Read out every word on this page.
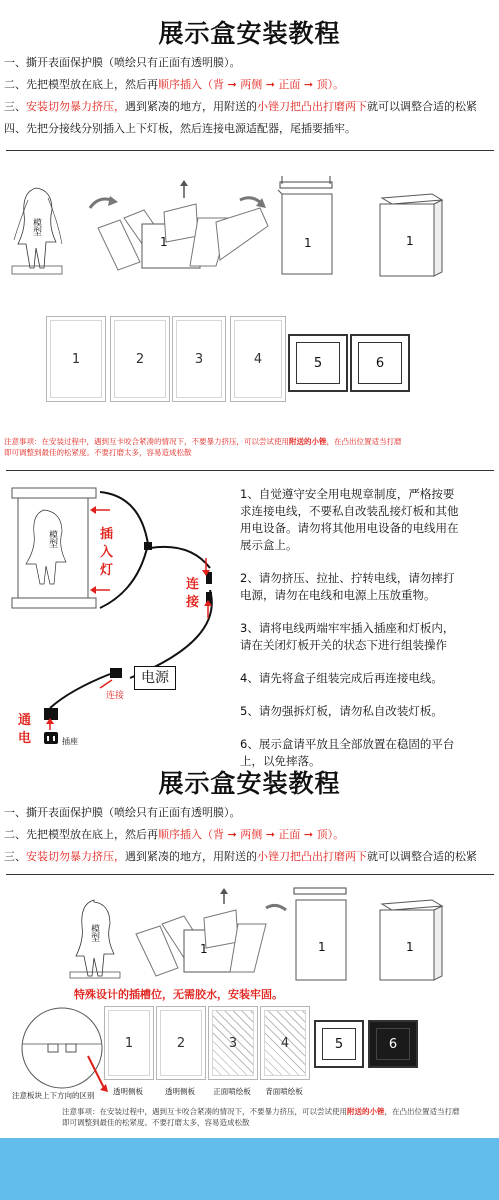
展示盒安装教程
一、撕开表面保护膜（喷绘只有正面有透明膜）。
二、先把模型放在底上，然后再顺序插入（背 ➞ 两侧 ➞ 正面 ➞ 顶）。
三、安装切勿暴力挤压，遇到紧凑的地方，用附送的小锉刀把凸出打磨两下就可以调整合适的松紧
四、先把分接线分别插入上下灯板，然后连接电源适配器，尾插要插牢。
模型
1	1	1
1	2	3	4	5	6
注意事项：在安装过程中，遇到互卡咬合紧凑的情况下，不要暴力挤压，可以尝试使用附送的小锉，在凸出位置适当打磨
即可调整到最佳的松紧度。不要打磨太多，容易造成松散
模型	插
入
灯
连
接
电源
连接
通
电	插座
1、自觉遵守安全用电规章制度，严格按要
求连接电线，不要私自改装乱接灯板和其他
用电设备。请勿将其他用电设备的电线用在
展示盒上。
2、请勿挤压、拉扯、拧转电线，请勿摔打
电源，请勿在电线和电源上压放重物。
3、请将电线两端牢牢插入插座和灯板内，
请在关闭灯板开关的状态下进行组装操作
4、请先将盒子组装完成后再连接电线。
5、请勿强拆灯板，请勿私自改装灯板。
6、展示盒请平放且全部放置在稳固的平台
上，以免摔落。
展示盒安装教程
一、撕开表面保护膜（喷绘只有正面有透明膜）。
二、先把模型放在底上，然后再顺序插入（背 ➞ 两侧 ➞ 正面 ➞ 顶）。
三、安装切勿暴力挤压，遇到紧凑的地方，用附送的小锉刀把凸出打磨两下就可以调整合适的松紧
模型
1	1	1
特殊设计的插槽位，无需胶水，安装牢固。
注意板块上下方向的区别
1	2	3	4	5	6
透明侧板	透明侧板	正面喷绘板	背面喷绘板
注意事项：在安装过程中，遇到互卡咬合紧凑的情况下，不要暴力挤压，可以尝试使用附送的小锉，在凸出位置适当打磨
即可调整到最佳的松紧度。不要打磨太多，容易造成松散
